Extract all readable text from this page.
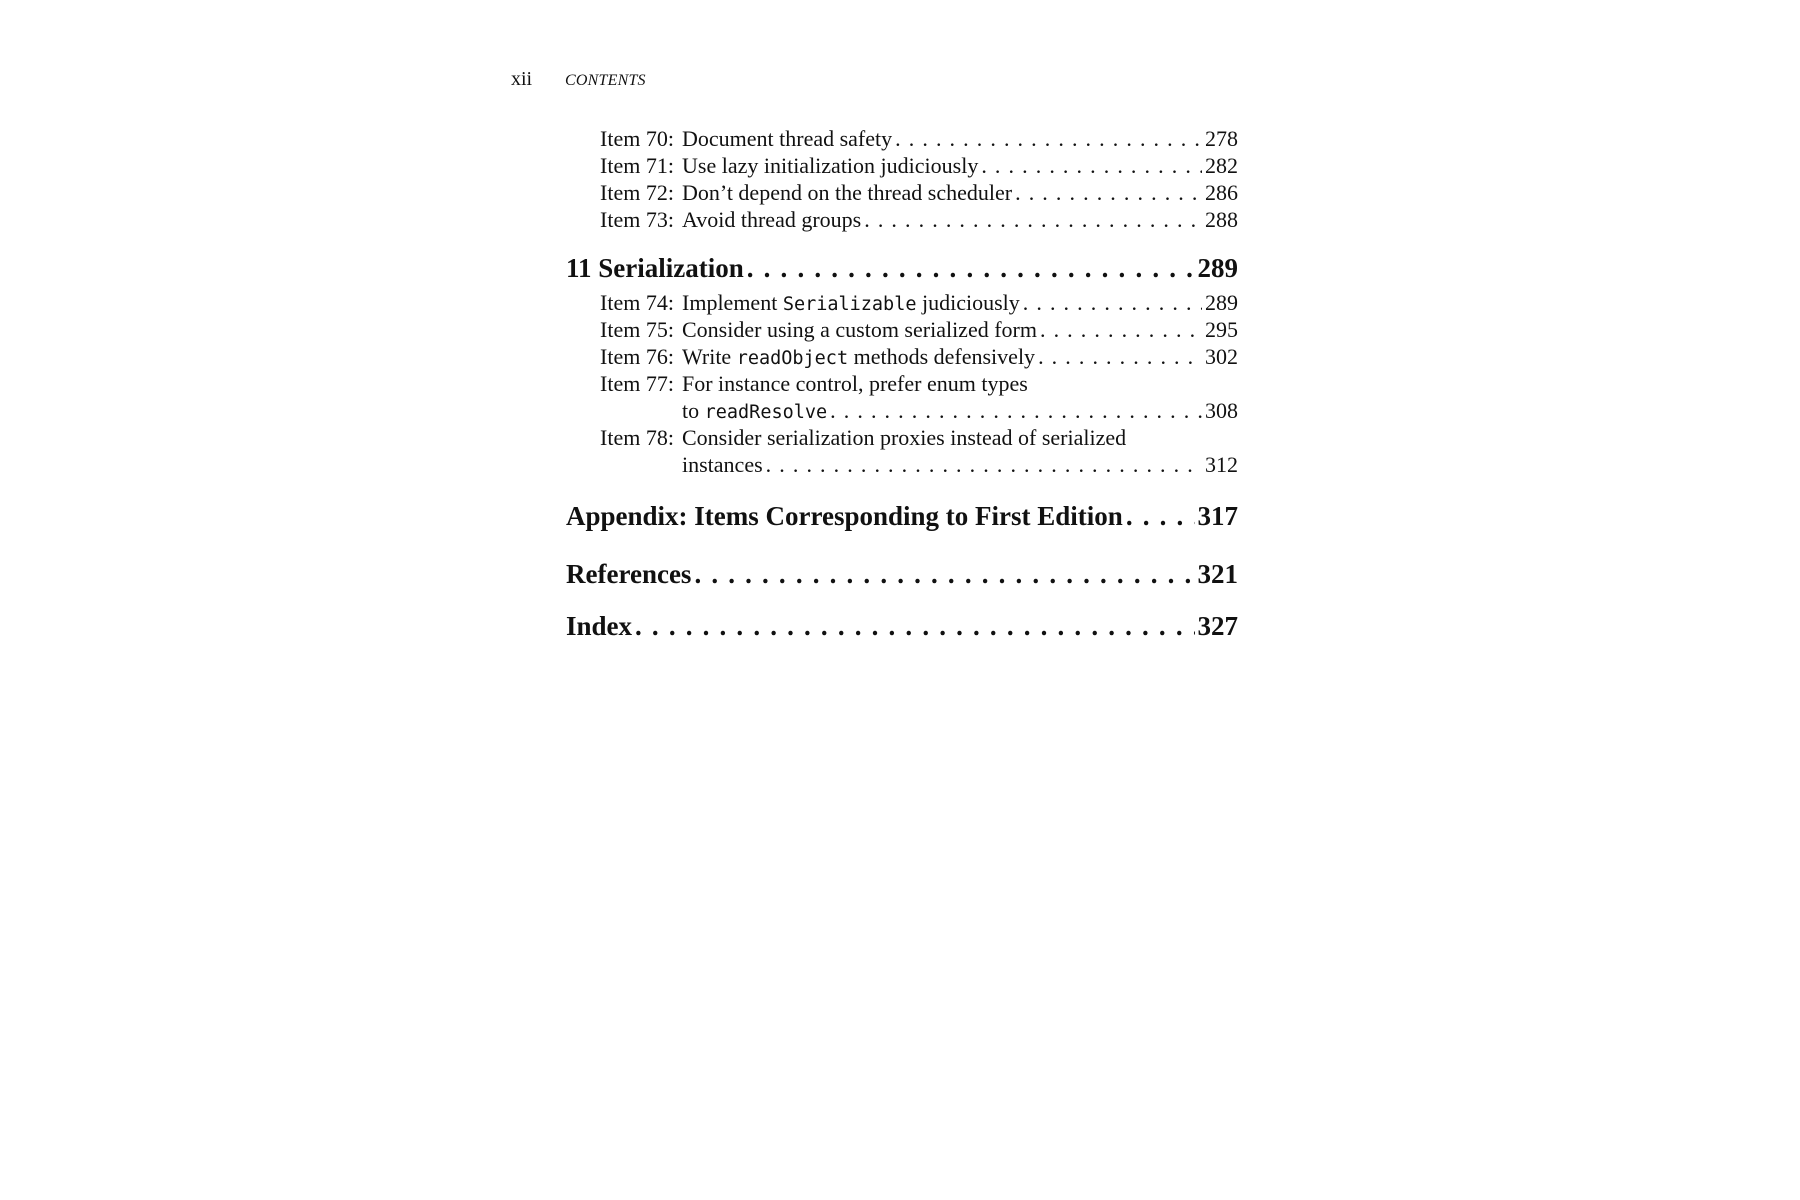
xii	CONTENTS
Item 70: Document thread safety . . .	278
Item 71: Use lazy initialization judiciously . . .	282
Item 72: Don’t depend on the thread scheduler . . .	286
Item 73: Avoid thread groups . . .	288
11 Serialization . . .	289
Item 74: Implement Serializable judiciously . . .	289
Item 75: Consider using a custom serialized form . . .	295
Item 76: Write readObject methods defensively . . .	302
Item 77: For instance control, prefer enum types
to readResolve . . .	308
Item 78: Consider serialization proxies instead of serialized
instances . . .	312
Appendix: Items Corresponding to First Edition . . .	317
References . . .	321
Index . . .	327
